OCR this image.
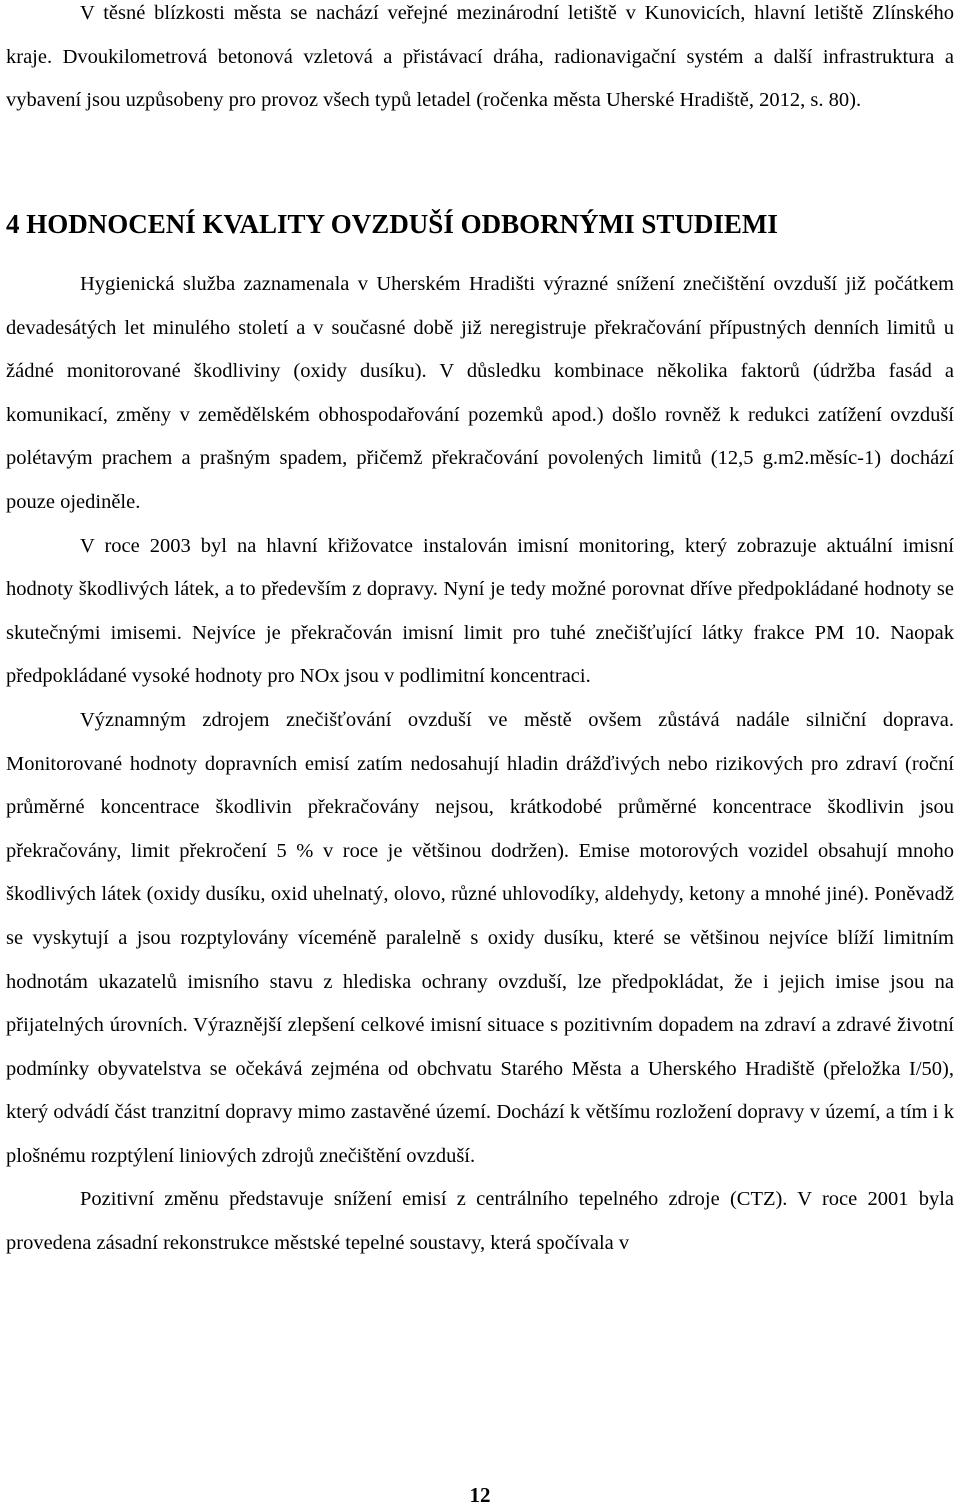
V těsné blízkosti města se nachází veřejné mezinárodní letiště v Kunovicích, hlavní letiště Zlínského kraje. Dvoukilometrová betonová vzletová a přistávací dráha, radionavigační systém a další infrastruktura a vybavení jsou uzpůsobeny pro provoz všech typů letadel (ročenka města Uherské Hradiště, 2012, s. 80).

4 HODNOCENÍ KVALITY OVZDUŠÍ ODBORNÝMI STUDIEMI

Hygienická služba zaznamenala v Uherském Hradišti výrazné snížení znečištění ovzduší již počátkem devadesátých let minulého století a v současné době již neregistruje překračování přípustných denních limitů u žádné monitorované škodliviny (oxidy dusíku). V důsledku kombinace několika faktorů (údržba fasád a komunikací, změny v zemědělském obhospodařování pozemků apod.) došlo rovněž k redukci zatížení ovzduší polétavým prachem a prašným spadem, přičemž překračování povolených limitů (12,5 g.m2.měsíc-1) dochází pouze ojediněle.

V roce 2003 byl na hlavní křižovatce instalován imisní monitoring, který zobrazuje aktuální imisní hodnoty škodlivých látek, a to především z dopravy. Nyní je tedy možné porovnat dříve předpokládané hodnoty se skutečnými imisemi. Nejvíce je překračován imisní limit pro tuhé znečišťující látky frakce PM 10. Naopak předpokládané vysoké hodnoty pro NOx jsou v podlimitní koncentraci.

Významným zdrojem znečišťování ovzduší ve městě ovšem zůstává nadále silniční doprava. Monitorované hodnoty dopravních emisí zatím nedosahují hladin drážďivých nebo rizikových pro zdraví (roční průměrné koncentrace škodlivin překračovány nejsou, krátkodobé průměrné koncentrace škodlivin jsou překračovány, limit překročení 5 % v roce je většinou dodržen). Emise motorových vozidel obsahují mnoho škodlivých látek (oxidy dusíku, oxid uhelnatý, olovo, různé uhlovodíky, aldehydy, ketony a mnohé jiné). Poněvadž se vyskytují a jsou rozptylovány víceméně paralelně s oxidy dusíku, které se většinou nejvíce blíží limitním hodnotám ukazatelů imisního stavu z hlediska ochrany ovzduší, lze předpokládat, že i jejich imise jsou na přijatelných úrovních. Výraznější zlepšení celkové imisní situace s pozitivním dopadem na zdraví a zdravé životní podmínky obyvatelstva se očekává zejména od obchvatu Starého Města a Uherského Hradiště (přeložka I/50), který odvádí část tranzitní dopravy mimo zastavěné území. Dochází k většímu rozložení dopravy v území, a tím i k plošnému rozptýlení liniových zdrojů znečištění ovzduší.

Pozitivní změnu představuje snížení emisí z centrálního tepelného zdroje (CTZ). V roce 2001 byla provedena zásadní rekonstrukce městské tepelné soustavy, která spočívala v

12
